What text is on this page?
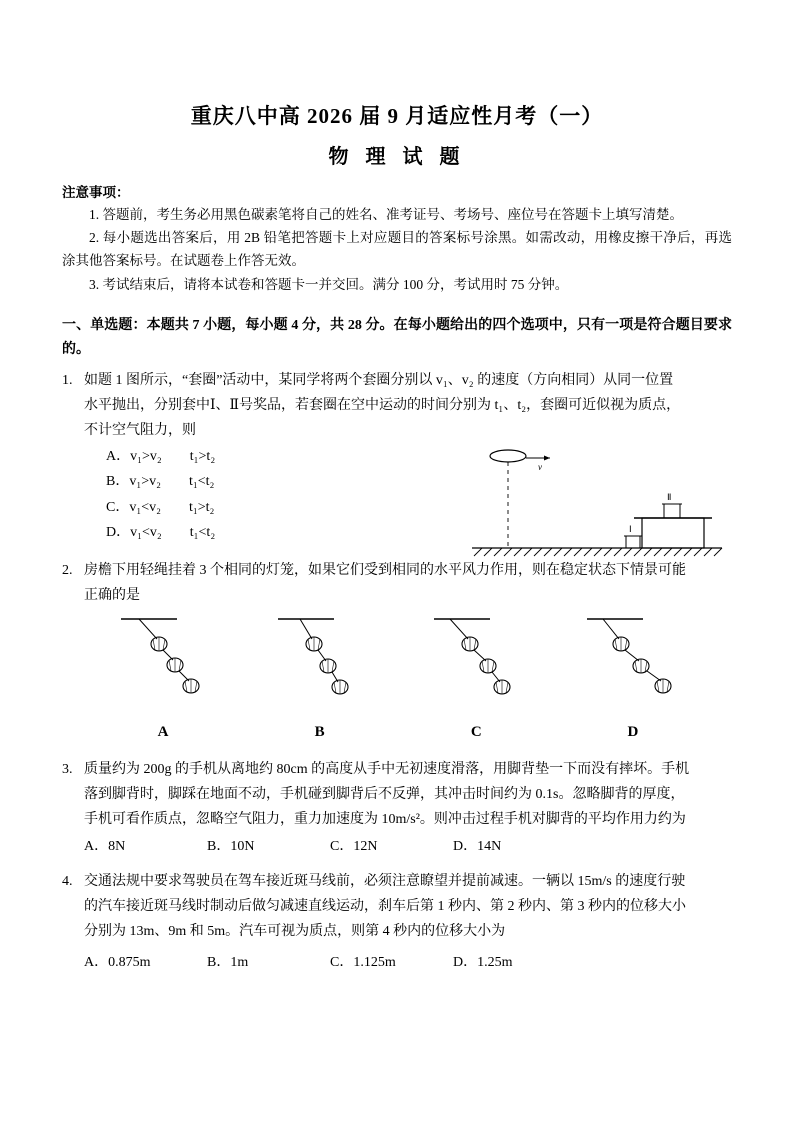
重庆八中高 2026 届 9 月适应性月考（一）
物 理 试 题
注意事项：

1. 答题前，考生务必用黑色碳素笔将自己的姓名、准考证号、考场号、座位号在答题卡上填写清楚。

2. 每小题选出答案后，用 2B 铅笔把答题卡上对应题目的答案标号涂黑。如需改动，用橡皮擦干净后，再选涂其他答案标号。在试题卷上作答无效。

3. 考试结束后，请将本试卷和答题卡一并交回。满分 100 分，考试用时 75 分钟。

一、单选题：本题共 7 小题，每小题 4 分，共 28 分。在每小题给出的四个选项中，只有一项是符合题目要求的。
1. 如题 1 图所示，“套圈”活动中，某同学将两个套圈分别以 v₁、v₂ 的速度（方向相同）从同一位置
水平抛出，分别套中Ⅰ、Ⅱ号奖品，若套圈在空中运动的时间分别为 t₁、t₂，套圈可近似视为质点，
不计空气阻力，则
A．v₁>v₂　　t₁>t₂
B．v₁>v₂　　t₁<t₂
C．v₁<v₂　　t₁>t₂
D．v₁<v₂　　t₁<t₂
v
Ⅰ
Ⅱ
2. 房檐下用轻绳挂着 3 个相同的灯笼，如果它们受到相同的水平风力作用，则在稳定状态下情景可能
正确的是
A	B	C	D
3. 质量约为 200g 的手机从离地约 80cm 的高度从手中无初速度滑落，用脚背垫一下而没有摔坏。手机
落到脚背时，脚踩在地面不动，手机碰到脚背后不反弹，其冲击时间约为 0.1s。忽略脚背的厚度，
手机可看作质点，忽略空气阻力，重力加速度为 10m/s²。则冲击过程手机对脚背的平均作用力约为
A．8N	B．10N	C．12N	D．14N
4. 交通法规中要求驾驶员在驾车接近斑马线前，必须注意瞭望并提前减速。一辆以 15m/s 的速度行驶
的汽车接近斑马线时制动后做匀减速直线运动，刹车后第 1 秒内、第 2 秒内、第 3 秒内的位移大小
分别为 13m、9m 和 5m。汽车可视为质点，则第 4 秒内的位移大小为
A．0.875m	B．1m	C．1.125m	D．1.25m
